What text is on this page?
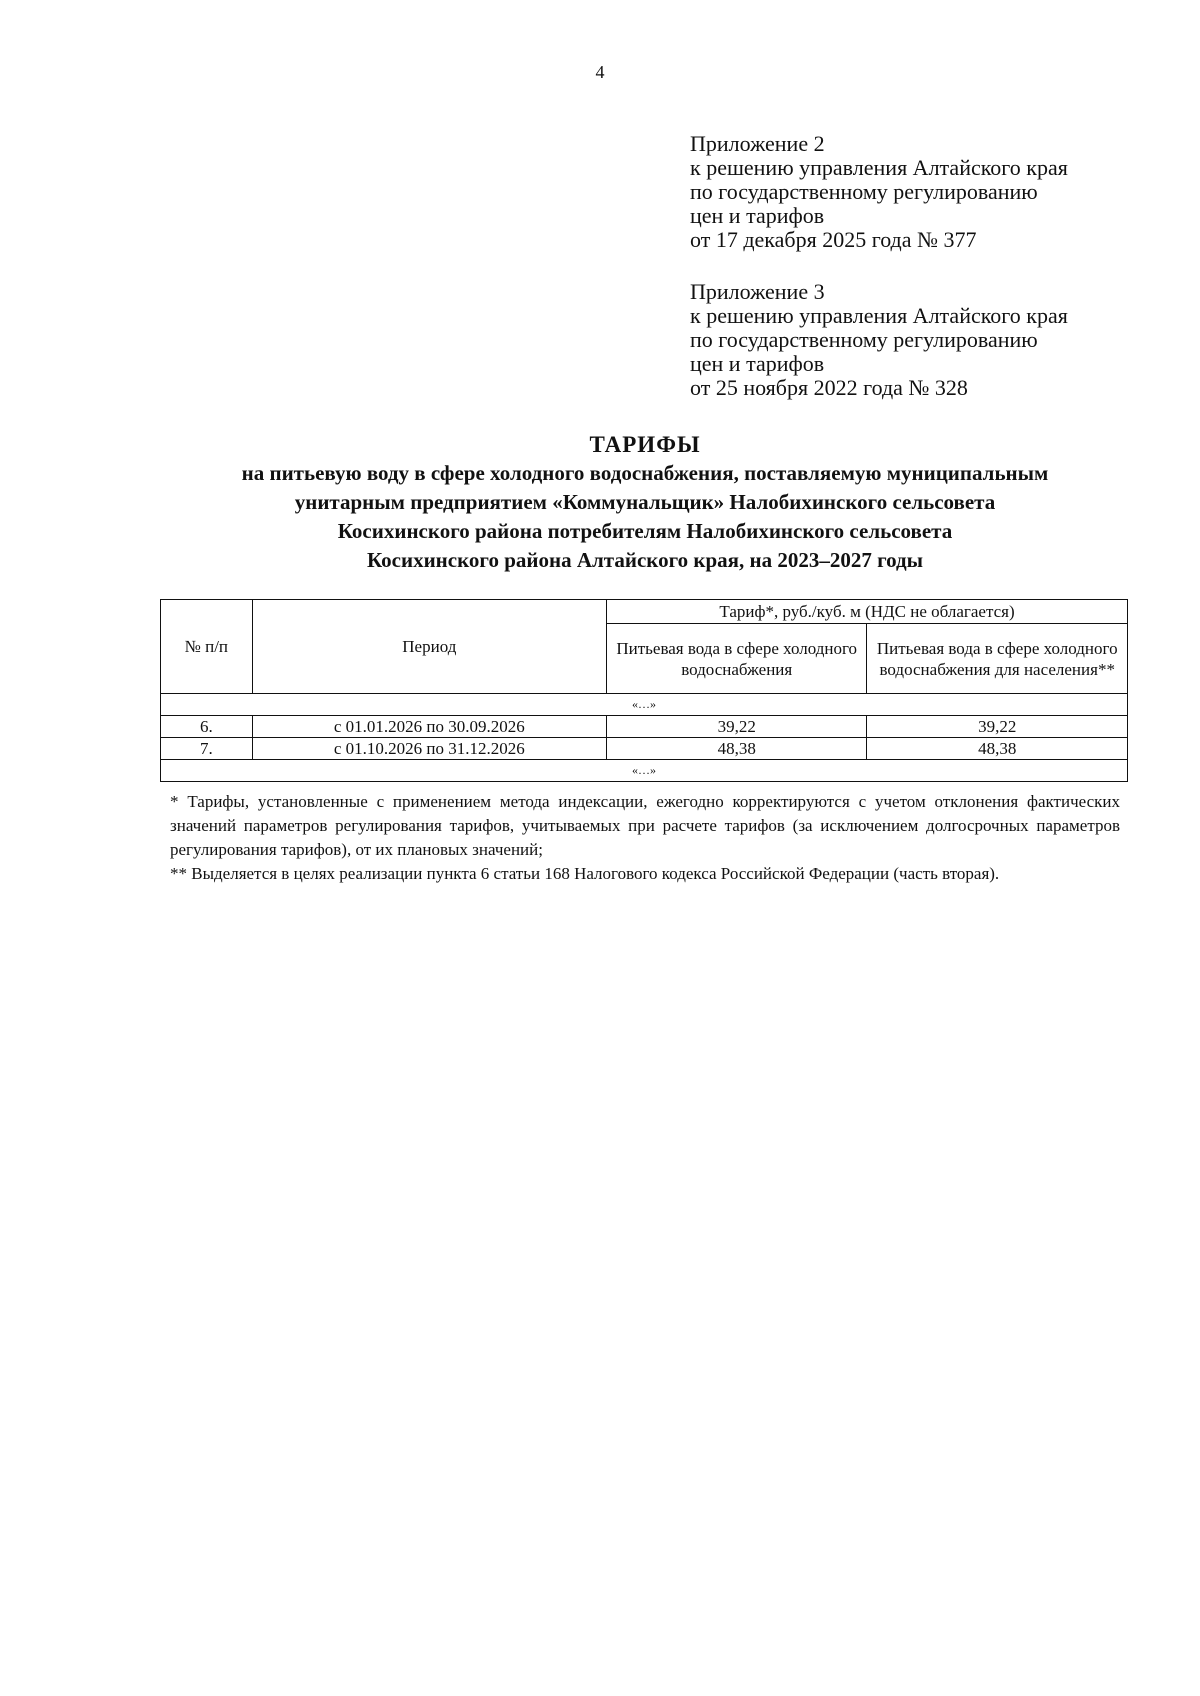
4
Приложение 2
к решению управления Алтайского края
по государственному регулированию
цен и тарифов
от 17 декабря 2025 года № 377
Приложение 3
к решению управления Алтайского края
по государственному регулированию
цен и тарифов
от 25 ноября 2022 года № 328
ТАРИФЫ
на питьевую воду в сфере холодного водоснабжения, поставляемую муниципальным
унитарным предприятием «Коммунальщик» Налобихинского сельсовета
Косихинского района потребителям Налобихинского сельсовета
Косихинского района Алтайского края, на 2023–2027 годы
№ п/п	Период	Тариф*, руб./куб. м (НДС не облагается)	
		Питьевая вода в сфере холодного водоснабжения	Питьевая вода в сфере холодного водоснабжения для населения**
«…»			
6.	с 01.01.2026 по 30.09.2026	39,22	39,22
7.	с 01.10.2026 по 31.12.2026	48,38	48,38
«…»			

* Тарифы, установленные с применением метода индексации, ежегодно корректируются с учетом отклонения фактических значений параметров регулирования тарифов, учитываемых при расчете тарифов (за исключением долгосрочных параметров регулирования тарифов), от их плановых значений;

** Выделяется в целях реализации пункта 6 статьи 168 Налогового кодекса Российской Федерации (часть вторая).
